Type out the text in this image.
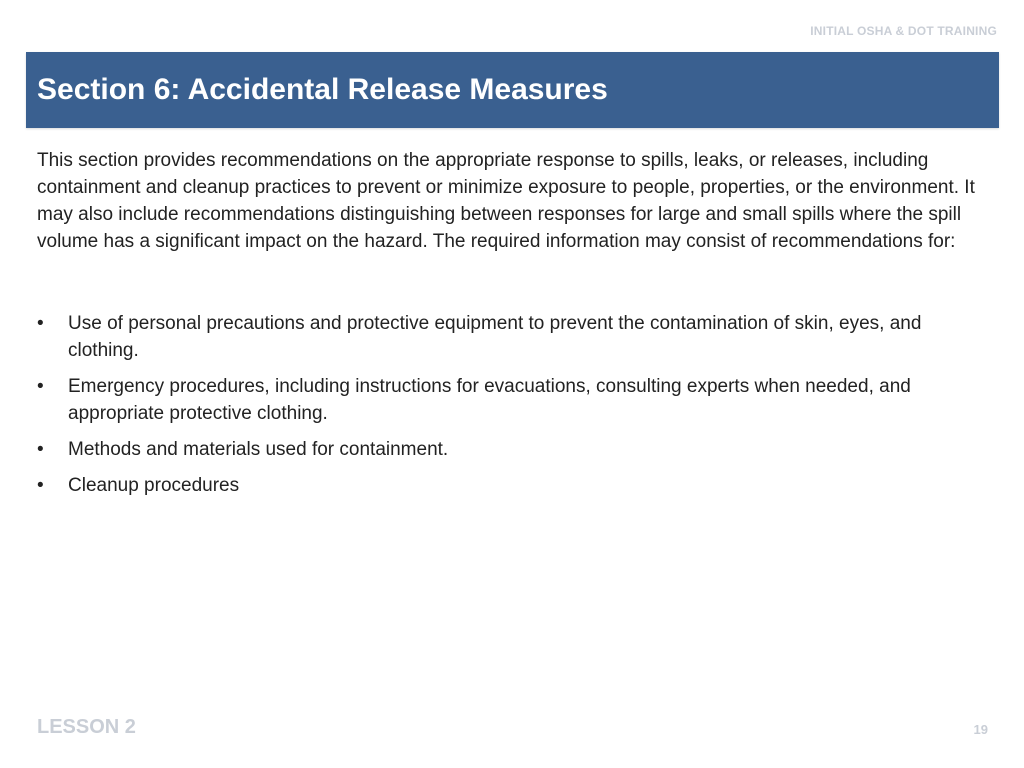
INITIAL OSHA & DOT TRAINING
Section 6: Accidental Release Measures

This section provides recommendations on the appropriate response to spills, leaks, or releases, including containment and cleanup practices to prevent or minimize exposure to people, properties, or the environment. It may also include recommendations distinguishing between responses for large and small spills where the spill volume has a significant impact on the hazard. The required information may consist of recommendations for:

• Use of personal precautions and protective equipment to prevent the contamination of skin, eyes, and clothing.
• Emergency procedures, including instructions for evacuations, consulting experts when needed, and appropriate protective clothing.
• Methods and materials used for containment.
• Cleanup procedures
LESSON 2	19
